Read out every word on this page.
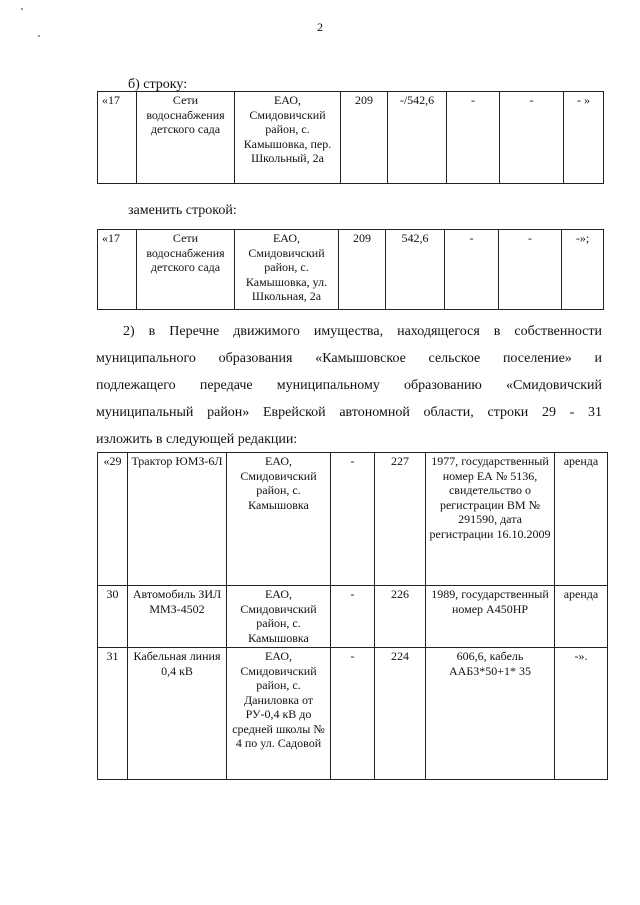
2
б) строку:
«17	Сети водоснабжения детского сада	ЕАО, Смидовичский район, с. Камышовка, пер. Школьный, 2а	209	-/542,6	-	-	- »
заменить строкой:
«17	Сети водоснабжения детского сада	ЕАО, Смидовичский район, с. Камышовка, ул. Школьная, 2а	209	542,6	-	-	-»;
2) в Перечне движимого имущества, находящегося в собственности
муниципального образования «Камышовское сельское поселение» и
подлежащего передаче муниципальному образованию «Смидовичский
муниципальный район» Еврейской автономной области, строки 29 - 31
изложить в следующей редакции:
«29	Трактор ЮМЗ-6Л	ЕАО, Смидовичский район, с. Камышовка	-	227	1977, государственный номер ЕА № 5136, свидетельство о регистрации ВМ № 291590, дата регистрации 16.10.2009	аренда
30	Автомобиль ЗИЛ ММЗ-4502	ЕАО, Смидовичский район, с. Камышовка	-	226	1989, государственный номер А450НР	аренда
31	Кабельная линия 0,4 кВ	ЕАО, Смидовичский район, с. Даниловка от РУ-0,4 кВ до средней школы № 4 по ул. Садовой	-	224	606,6, кабель ААБ3*50+1* 35	-».
